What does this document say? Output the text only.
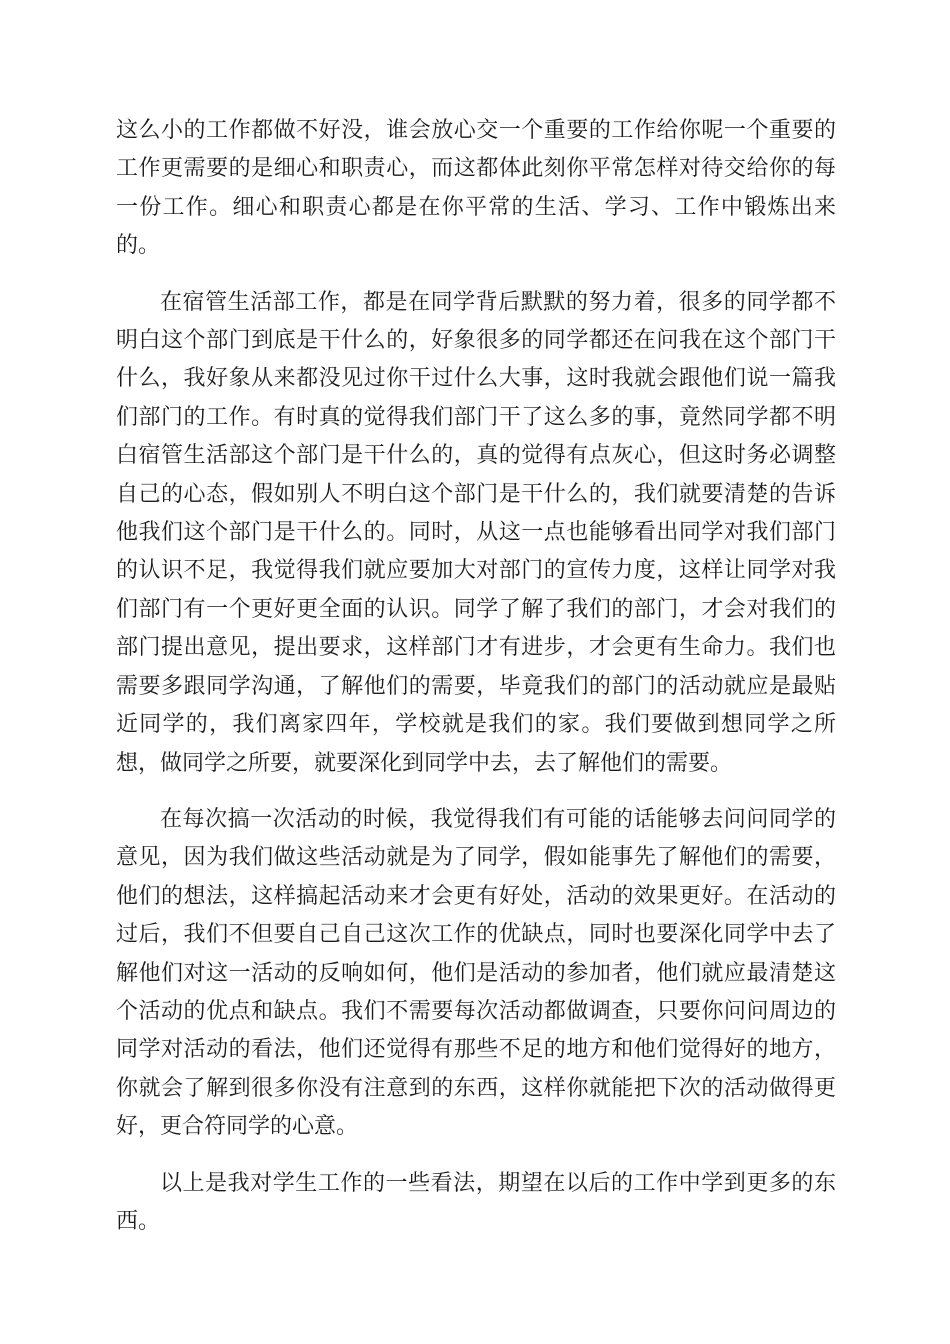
这么小的工作都做不好没，谁会放心交一个重要的工作给你呢一个重要的工作更需要的是细心和职责心，而这都体此刻你平常怎样对待交给你的每一份工作。细心和职责心都是在你平常的生活、学习、工作中锻炼出来的。

在宿管生活部工作，都是在同学背后默默的努力着，很多的同学都不明白这个部门到底是干什么的，好象很多的同学都还在问我在这个部门干什么，我好象从来都没见过你干过什么大事，这时我就会跟他们说一篇我们部门的工作。有时真的觉得我们部门干了这么多的事，竟然同学都不明白宿管生活部这个部门是干什么的，真的觉得有点灰心，但这时务必调整自己的心态，假如别人不明白这个部门是干什么的，我们就要清楚的告诉他我们这个部门是干什么的。同时，从这一点也能够看出同学对我们部门的认识不足，我觉得我们就应要加大对部门的宣传力度，这样让同学对我们部门有一个更好更全面的认识。同学了解了我们的部门，才会对我们的部门提出意见，提出要求，这样部门才有进步，才会更有生命力。我们也需要多跟同学沟通，了解他们的需要，毕竟我们的部门的活动就应是最贴近同学的，我们离家四年，学校就是我们的家。我们要做到想同学之所想，做同学之所要，就要深化到同学中去，去了解他们的需要。

在每次搞一次活动的时候，我觉得我们有可能的话能够去问问同学的意见，因为我们做这些活动就是为了同学，假如能事先了解他们的需要，他们的想法，这样搞起活动来才会更有好处，活动的效果更好。在活动的过后，我们不但要自己自己这次工作的优缺点，同时也要深化同学中去了解他们对这一活动的反响如何，他们是活动的参加者，他们就应最清楚这个活动的优点和缺点。我们不需要每次活动都做调查，只要你问问周边的同学对活动的看法，他们还觉得有那些不足的地方和他们觉得好的地方，你就会了解到很多你没有注意到的东西，这样你就能把下次的活动做得更好，更合符同学的心意。

以上是我对学生工作的一些看法，期望在以后的工作中学到更多的东西。
